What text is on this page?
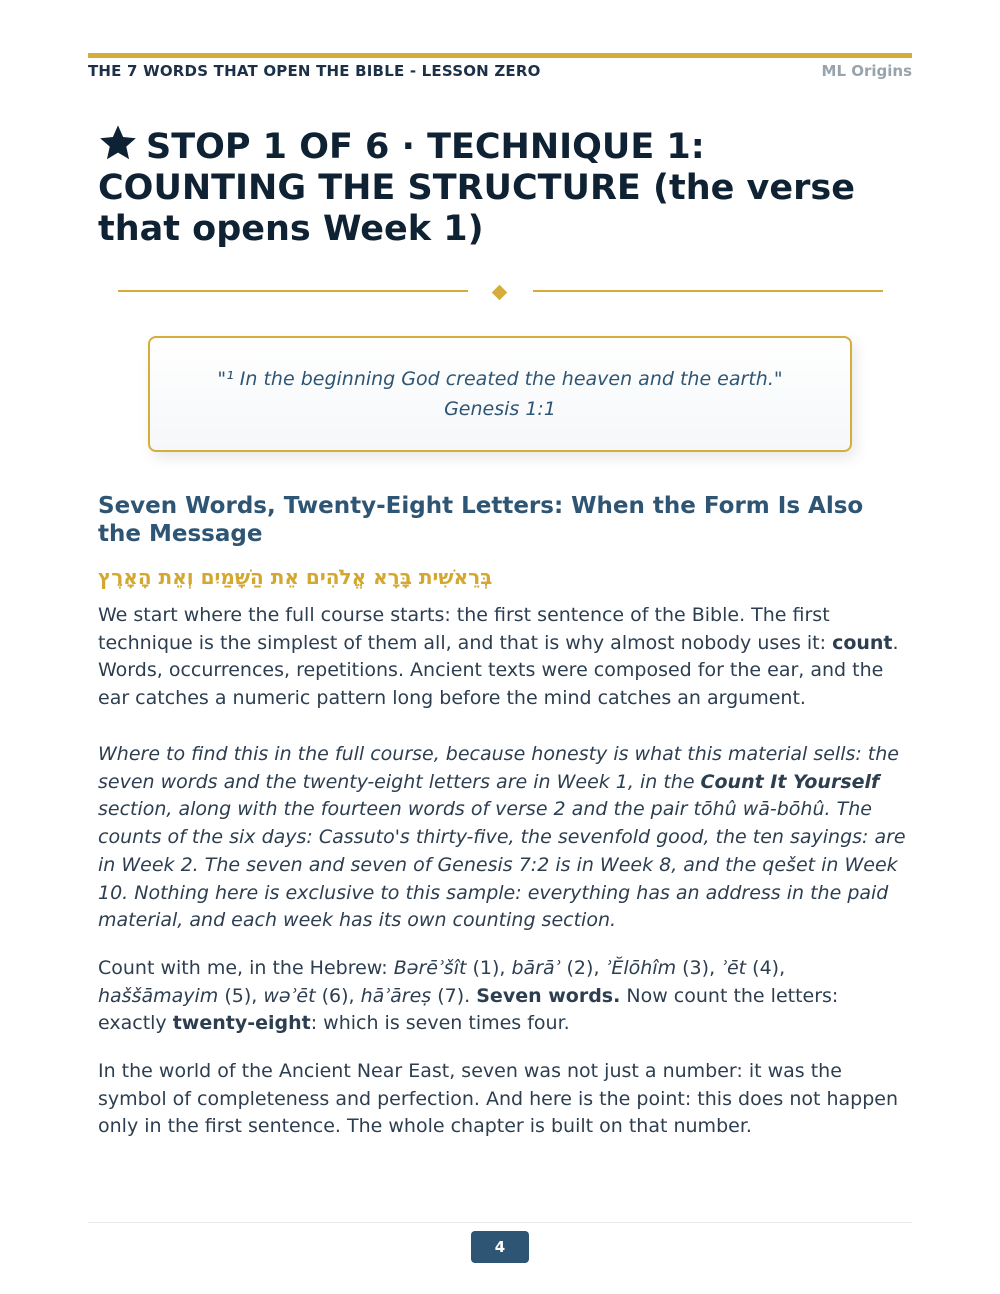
THE 7 WORDS THAT OPEN THE BIBLE - LESSON ZERO	ML Origins
STOP 1 OF 6 · TECHNIQUE 1: COUNTING THE STRUCTURE (the verse that opens Week 1)
"¹ In the beginning God created the heaven and the earth."
Genesis 1:1
Seven Words, Twenty-Eight Letters: When the Form Is Also the Message
בְּרֵאשִׁית בָּרָא אֱלֹהִים אֵת הַשָּׁמַיִם וְאֵת הָאָרֶץ

We start where the full course starts: the first sentence of the Bible. The first technique is the simplest of them all, and that is why almost nobody uses it: count. Words, occurrences, repetitions. Ancient texts were composed for the ear, and the ear catches a numeric pattern long before the mind catches an argument.

Where to find this in the full course, because honesty is what this material sells: the seven words and the twenty-eight letters are in Week 1, in the Count It Yourself section, along with the fourteen words of verse 2 and the pair tōhû wā-bōhû. The counts of the six days: Cassuto's thirty-five, the sevenfold good, the ten sayings: are in Week 2. The seven and seven of Genesis 7:2 is in Week 8, and the qešet in Week 10. Nothing here is exclusive to this sample: everything has an address in the paid material, and each week has its own counting section.

Count with me, in the Hebrew: Bərēʾšît (1), bārāʾ (2), ʾĔlōhîm (3), ʾēt (4), haššāmayim (5), wəʾēt (6), hāʾāreṣ (7). Seven words. Now count the letters: exactly twenty-eight: which is seven times four.

In the world of the Ancient Near East, seven was not just a number: it was the symbol of completeness and perfection. And here is the point: this does not happen only in the first sentence. The whole chapter is built on that number.

4
